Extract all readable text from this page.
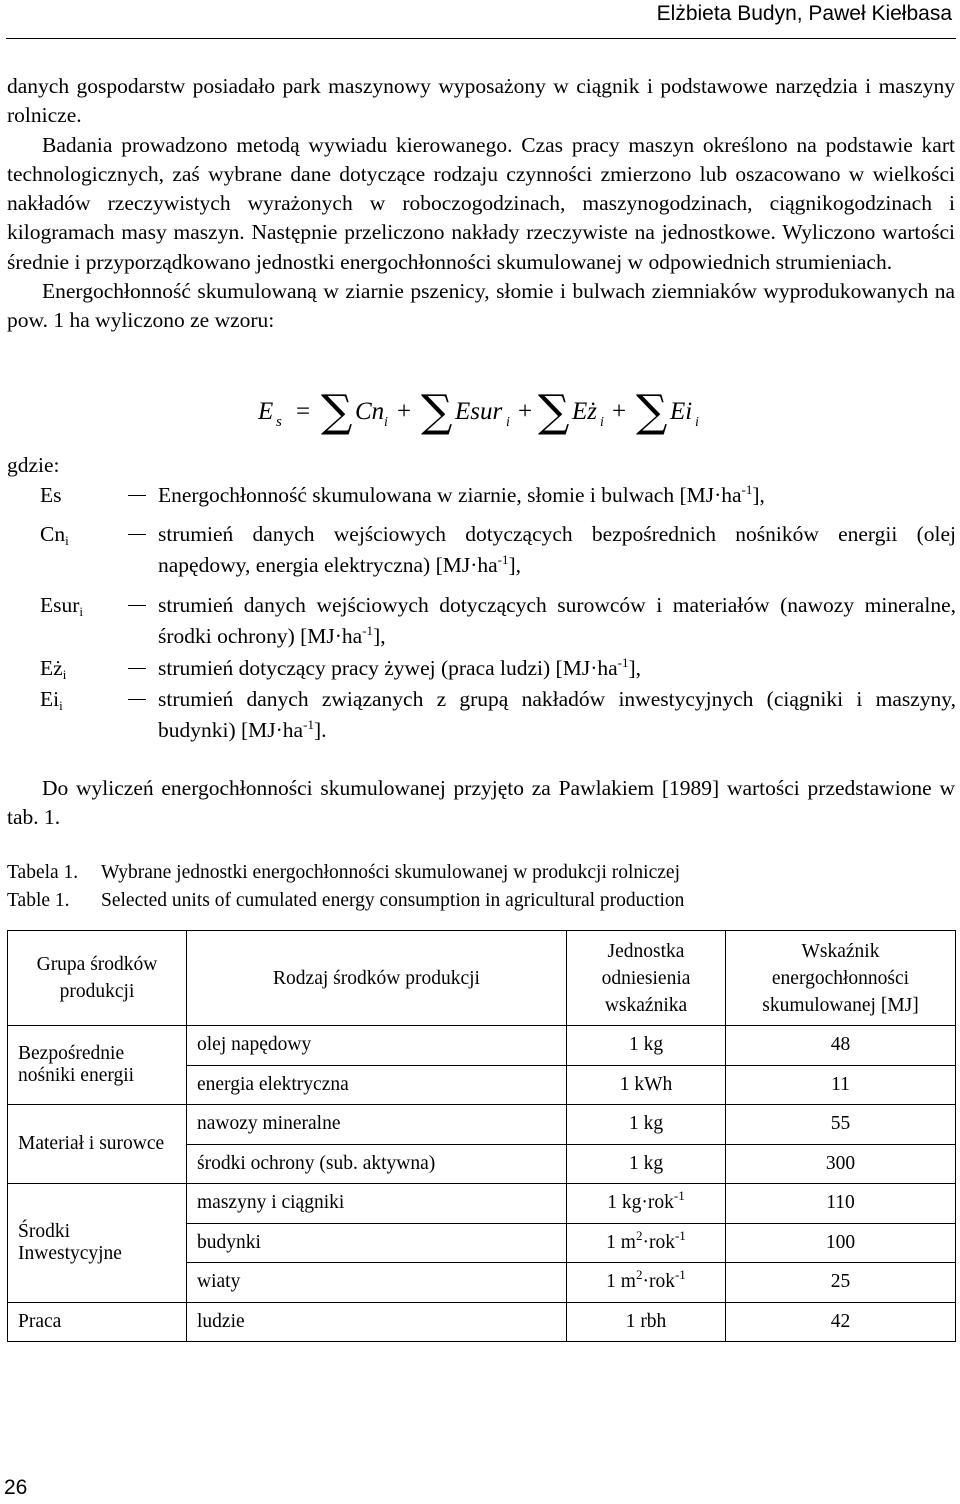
Elżbieta Budyn, Paweł Kiełbasa

danych gospodarstw posiadało park maszynowy wyposażony w ciągnik i podstawowe narzędzia i maszyny rolnicze.

Badania prowadzono metodą wywiadu kierowanego. Czas pracy maszyn określono na podstawie kart technologicznych, zaś wybrane dane dotyczące rodzaju czynności zmierzono lub oszacowano w wielkości nakładów rzeczywistych wyrażonych w roboczogodzinach, maszynogodzinach, ciągnikogodzinach i kilogramach masy maszyn. Następnie przeliczono nakłady rzeczywiste na jednostkowe. Wyliczono wartości średnie i przyporządkowano jednostki energochłonności skumulowanej w odpowiednich strumieniach.

Energochłonność skumulowaną w ziarnie pszenicy, słomie i bulwach ziemniaków wyprodukowanych na pow. 1 ha wyliczono ze wzoru:

E s = ∑ Cn i + ∑ Esur i + ∑ Eż i + ∑ Ei i
gdzie:
Es	Energochłonność skumulowana w ziarnie, słomie i bulwach $[MJ\cdot ha^{-1}]$,
$Cn_i$	strumień danych wejściowych dotyczących bezpośrednich nośników energii (olej napędowy, energia elektryczna) $[MJ\cdot ha^{-1}]$,
Esur$_i$	strumień danych wejściowych dotyczących surowców i materiałów (nawozy mineralne, środki ochrony) $[MJ\cdot ha^{-1}]$,
$Eż_i$	strumień dotyczący pracy żywej (praca ludzi) $[MJ\cdot ha^{-1}]$,
$Ei_i$	strumień danych związanych z grupą nakładów inwestycyjnych (ciągniki i maszyny, budynki) $[MJ\cdot ha^{-1}]$.

Do wyliczeń energochłonności skumulowanej przyjęto za Pawlakiem [1989] wartości przedstawione w tab. 1.

Tabela 1. Wybrane jednostki energochłonności skumulowanej w produkcji rolniczej
Table 1. Selected units of cumulated energy consumption in agricultural production
Grupa środków produkcji	Rodzaj środków produkcji	Jednostka odniesienia wskaźnika	Wskaźnik energochłonności skumulowanej [MJ]
Bezpośrednie nośniki energii	olej napędowy	1 kg	48
	energia elektryczna	1 kWh	11
Materiał i surowce	nawozy mineralne	1 kg	55
	środki ochrony (sub. aktywna)	1 kg	300
Środki Inwestycyjne	maszyny i ciągniki	1 kg·rok$^{-1}$	110
	budynki	1 $m^2\cdot rok^{-1}$	100
	wiaty	1 $m^2\cdot rok^{-1}$	25
Praca	ludzie	1 rbh	42
26
